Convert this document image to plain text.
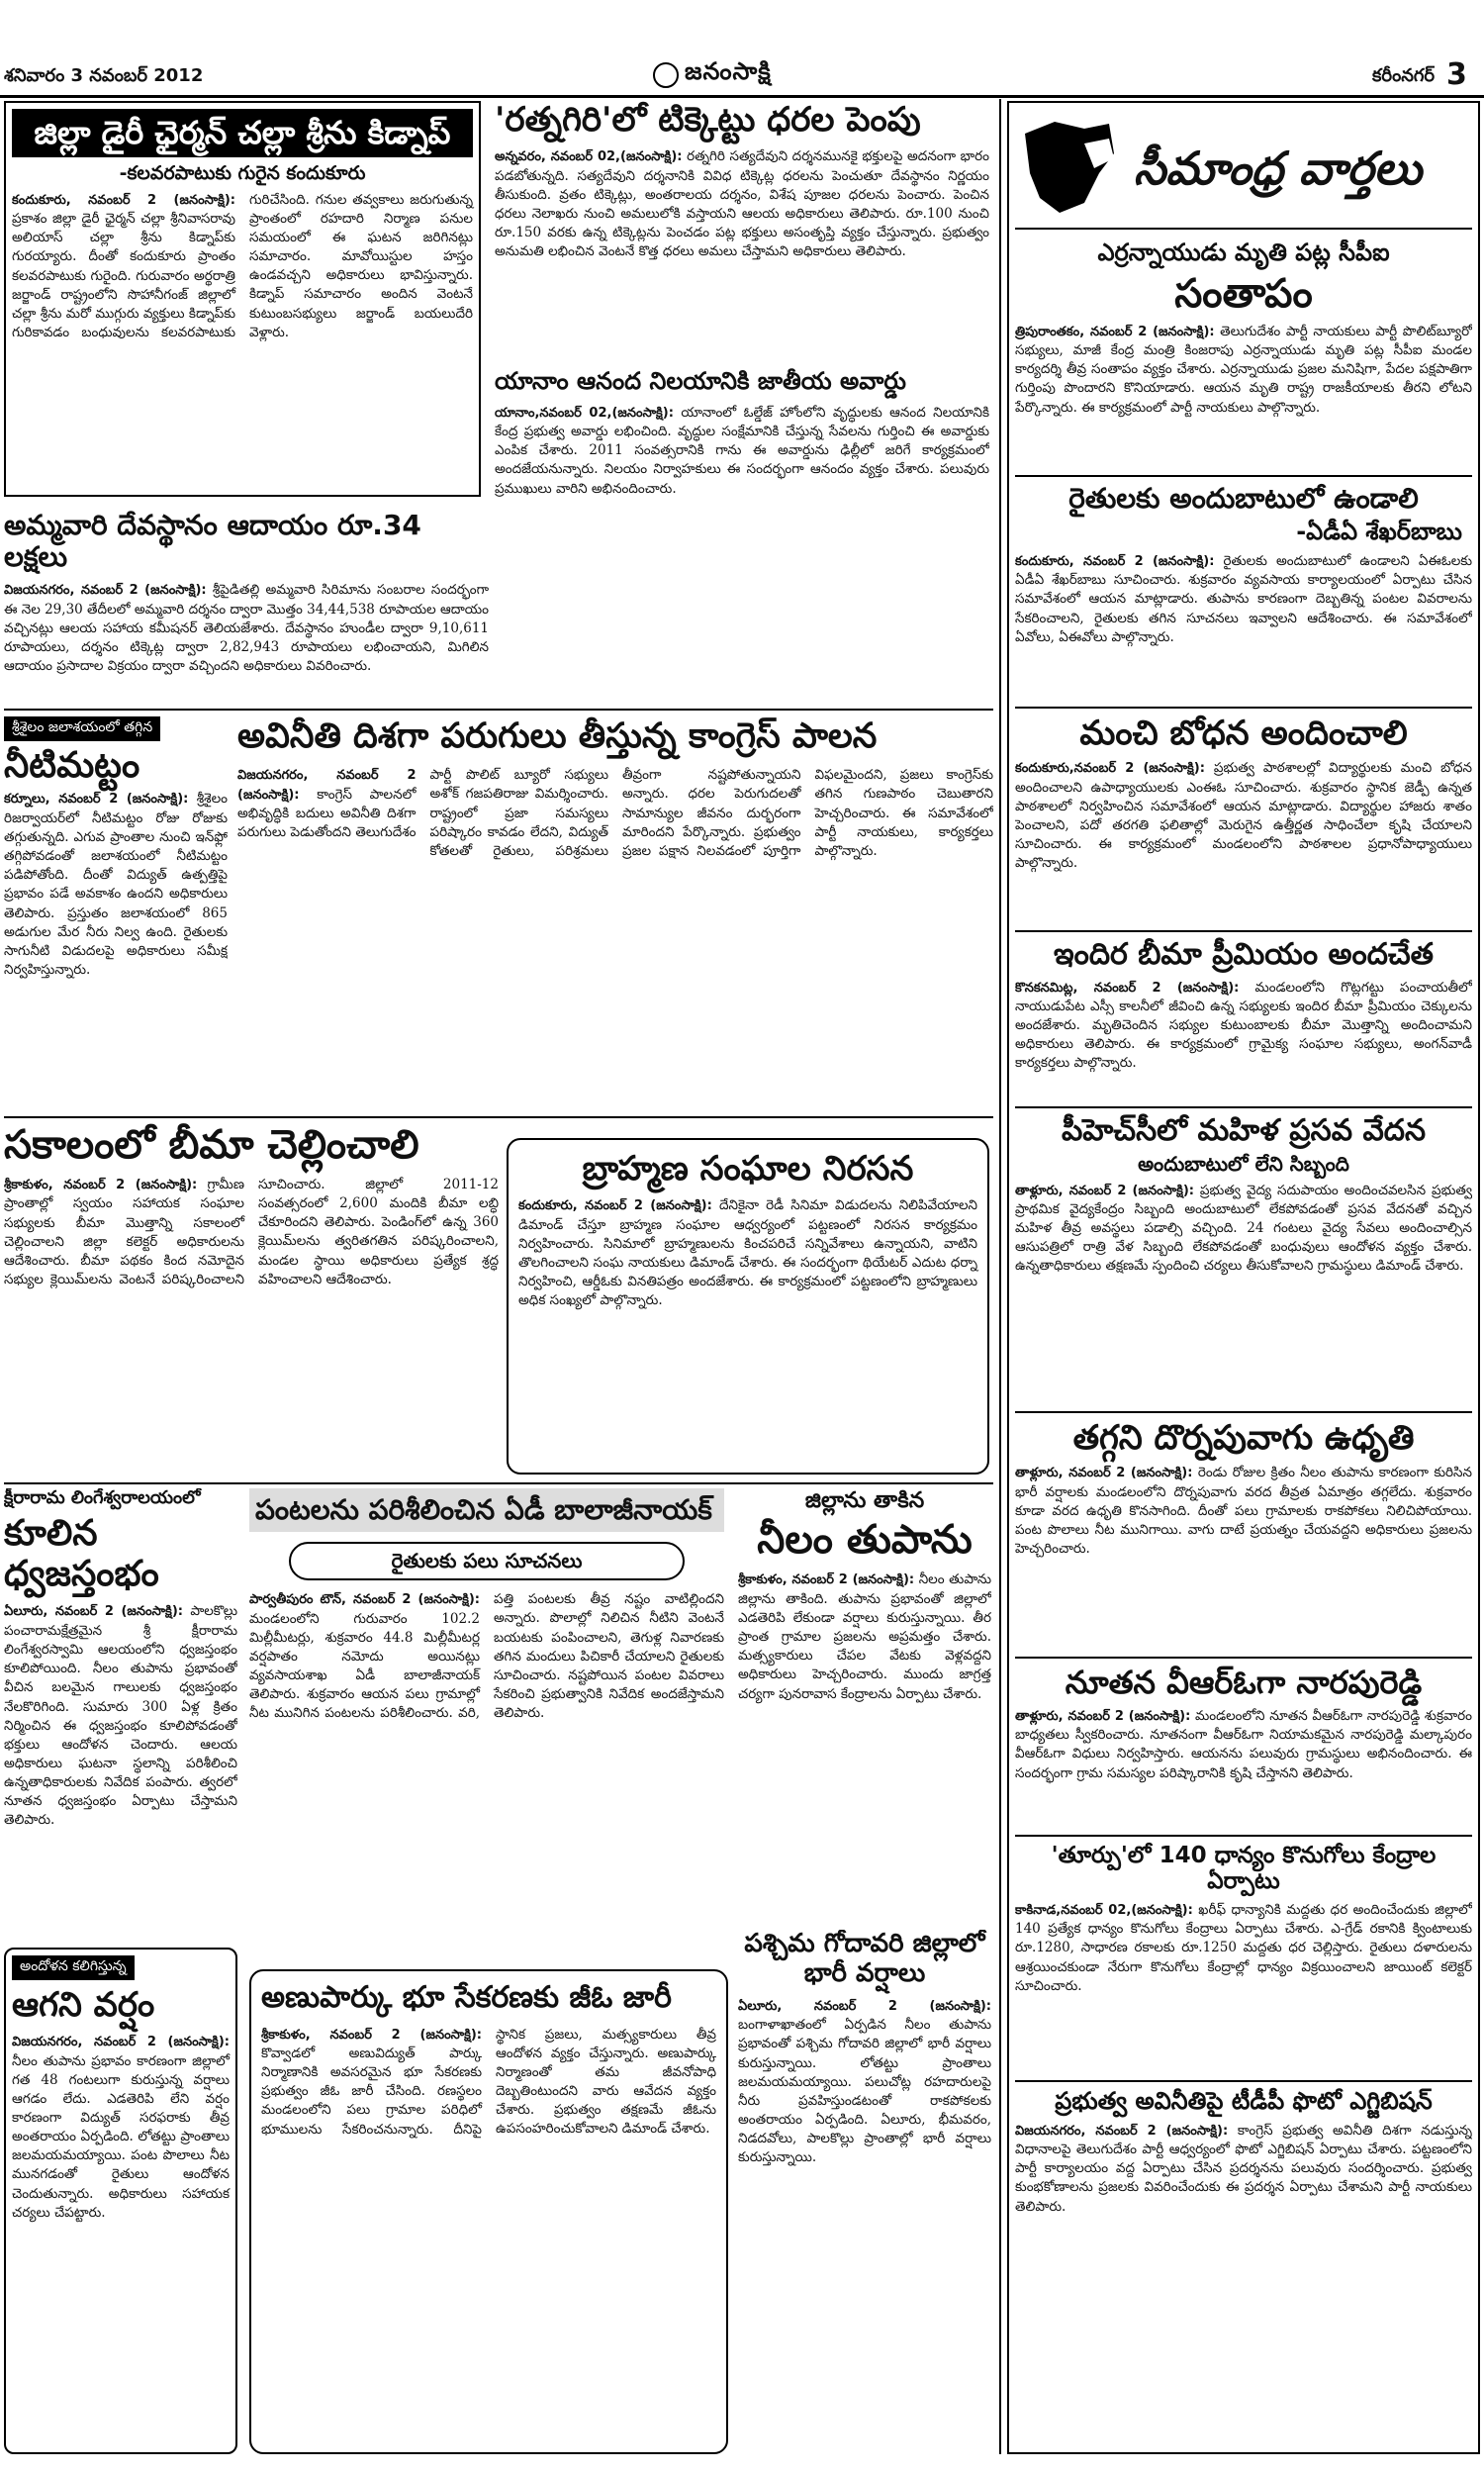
శనివారం 3 నవంబర్ 2012	జనంసాక్షి	కరీంనగర్ 3
జిల్లా డైరీ ఛైర్మన్ చల్లా శ్రీను కిడ్నాప్
-కలవరపాటుకు గురైన కందుకూరు
కందుకూరు, నవంబర్ 2 (జనంసాక్షి): ప్రకాశం జిల్లా డైరీ ఛైర్మన్ చల్లా శ్రీనివాసరావు అలియాస్ చల్లా శ్రీను కిడ్నాప్‌కు గురయ్యారు. దీంతో కందుకూరు ప్రాంతం కలవరపాటుకు గురైంది. గురువారం అర్థరాత్రి జర్జాండ్ రాష్ట్రంలోని సొహానీగంజ్ జిల్లాలో చల్లా శ్రీను మరో ముగ్గురు వ్యక్తులు కిడ్నాప్‌కు గురికావడం బంధువులను కలవరపాటుకు గురిచేసింది. గనుల తవ్వకాలు జరుగుతున్న ప్రాంతంలో రహదారి నిర్మాణ పనుల సమయంలో ఈ ఘటన జరిగినట్లు సమాచారం. మావోయిస్టుల హస్తం ఉండవచ్చని అధికారులు భావిస్తున్నారు. కిడ్నాప్‌ సమాచారం అందిన వెంటనే కుటుంబసభ్యులు జర్జాండ్ బయలుదేరి వెళ్లారు.
'రత్నగిరి'లో టిక్కెట్టు ధరల పెంపు
అన్నవరం, నవంబర్ 02,(జనంసాక్షి): రత్నగిరి సత్యదేవుని దర్శనమునకై భక్తులపై అదనంగా భారం పడబోతున్నది. సత్యదేవుని దర్శనానికి వివిధ టిక్కెట్ల ధరలను పెంచుతూ దేవస్థానం నిర్ణయం తీసుకుంది. వ్రతం టిక్కెట్లు, అంతరాలయ దర్శనం, విశేష పూజల ధరలను పెంచారు. పెంచిన ధరలు నెలాఖరు నుంచి అమలులోకి వస్తాయని ఆలయ అధికారులు తెలిపారు. రూ.100 నుంచి రూ.150 వరకు ఉన్న టిక్కెట్లను పెంచడం పట్ల భక్తులు అసంతృప్తి వ్యక్తం చేస్తున్నారు. ప్రభుత్వం అనుమతి లభించిన వెంటనే కొత్త ధరలు అమలు చేస్తామని అధికారులు తెలిపారు.
యానాం ఆనంద నిలయానికి జాతీయ అవార్డు
యానాం,నవంబర్ 02,(జనంసాక్షి): యానాంలో ఓల్డేజ్ హోంలోని వృద్ధులకు ఆనంద నిలయానికి కేంద్ర ప్రభుత్వ అవార్డు లభించింది. వృద్ధుల సంక్షేమానికి చేస్తున్న సేవలను గుర్తించి ఈ అవార్డుకు ఎంపిక చేశారు. 2011 సంవత్సరానికి గాను ఈ అవార్డును ఢిల్లీలో జరిగే కార్యక్రమంలో అందజేయనున్నారు. నిలయం నిర్వాహకులు ఈ సందర్భంగా ఆనందం వ్యక్తం చేశారు. పలువురు ప్రముఖులు వారిని అభినందించారు.
అమ్మవారి దేవస్థానం ఆదాయం రూ.34 లక్షలు
విజయనగరం, నవంబర్ 2 (జనంసాక్షి): శ్రీపైడితల్లి అమ్మవారి సిరిమాను సంబరాల సందర్భంగా ఈ నెల 29,30 తేదీలలో అమ్మవారి దర్శనం ద్వారా మొత్తం 34,44,538 రూపాయల ఆదాయం వచ్చినట్లు ఆలయ సహాయ కమీషనర్ తెలియజేశారు. దేవస్థానం హుండీల ద్వారా 9,10,611 రూపాయలు, దర్శనం టిక్కెట్ల ద్వారా 2,82,943 రూపాయలు లభించాయని, మిగిలిన ఆదాయం ప్రసాదాల విక్రయం ద్వారా వచ్చిందని అధికారులు వివరించారు.
శ్రీశైలం జలాశయంలో తగ్గిన
నీటిమట్టం
కర్నూలు, నవంబర్ 2 (జనంసాక్షి): శ్రీశైలం రిజర్వాయర్‌లో నీటిమట్టం రోజు రోజుకు తగ్గుతున్నది. ఎగువ ప్రాంతాల నుంచి ఇన్‌ఫ్లో తగ్గిపోవడంతో జలాశయంలో నీటిమట్టం పడిపోతోంది. దీంతో విద్యుత్ ఉత్పత్తిపై ప్రభావం పడే అవకాశం ఉందని అధికారులు తెలిపారు. ప్రస్తుతం జలాశయంలో 865 అడుగుల మేర నీరు నిల్వ ఉంది. రైతులకు సాగునీటి విడుదలపై అధికారులు సమీక్ష నిర్వహిస్తున్నారు.
అవినీతి దిశగా పరుగులు తీస్తున్న కాంగ్రెస్ పాలన
విజయనగరం, నవంబర్ 2 (జనంసాక్షి): కాంగ్రెస్ పాలనలో అభివృద్ధికి బదులు అవినీతి దిశగా పరుగులు పెడుతోందని తెలుగుదేశం పార్టీ పొలిట్ బ్యూరో సభ్యులు అశోక్ గజపతిరాజు విమర్శించారు. రాష్ట్రంలో ప్రజా సమస్యలు పరిష్కారం కావడం లేదని, విద్యుత్ కోతలతో రైతులు, పరిశ్రమలు తీవ్రంగా నష్టపోతున్నాయని అన్నారు. ధరల పెరుగుదలతో సామాన్యుల జీవనం దుర్భరంగా మారిందని పేర్కొన్నారు. ప్రభుత్వం ప్రజల పక్షాన నిలవడంలో పూర్తిగా విఫలమైందని, ప్రజలు కాంగ్రెస్‌కు తగిన గుణపాఠం చెబుతారని హెచ్చరించారు. ఈ సమావేశంలో పార్టీ నాయకులు, కార్యకర్తలు పాల్గొన్నారు.
సకాలంలో బీమా చెల్లించాలి
శ్రీకాకుళం, నవంబర్ 2 (జనంసాక్షి): గ్రామీణ ప్రాంతాల్లో స్వయం సహాయక సంఘాల సభ్యులకు బీమా మొత్తాన్ని సకాలంలో చెల్లించాలని జిల్లా కలెక్టర్ అధికారులను ఆదేశించారు. బీమా పథకం కింద నమోదైన సభ్యుల క్లెయిమ్‌లను వెంటనే పరిష్కరించాలని సూచించారు. జిల్లాలో 2011-12 సంవత్సరంలో 2,600 మందికి బీమా లబ్ధి చేకూరిందని తెలిపారు. పెండింగ్‌లో ఉన్న 360 క్లెయిమ్‌లను త్వరితగతిన పరిష్కరించాలని, మండల స్థాయి అధికారులు ప్రత్యేక శ్రద్ధ వహించాలని ఆదేశించారు.
బ్రాహ్మణ సంఘాల నిరసన
కందుకూరు, నవంబర్ 2 (జనంసాక్షి): దేనికైనా రెడీ సినిమా విడుదలను నిలిపివేయాలని డిమాండ్ చేస్తూ బ్రాహ్మణ సంఘాల ఆధ్వర్యంలో పట్టణంలో నిరసన కార్యక్రమం నిర్వహించారు. సినిమాలో బ్రాహ్మణులను కించపరిచే సన్నివేశాలు ఉన్నాయని, వాటిని తొలగించాలని సంఘ నాయకులు డిమాండ్ చేశారు. ఈ సందర్భంగా థియేటర్ ఎదుట ధర్నా నిర్వహించి, ఆర్డీఓకు వినతిపత్రం అందజేశారు. ఈ కార్యక్రమంలో పట్టణంలోని బ్రాహ్మణులు అధిక సంఖ్యలో పాల్గొన్నారు.
క్షీరారామ లింగేశ్వరాలయంలో
కూలిన ధ్వజస్తంభం
ఏలూరు, నవంబర్ 2 (జనంసాక్షి): పాలకొల్లు పంచారామక్షేత్రమైన శ్రీ క్షీరారామ లింగేశ్వరస్వామి ఆలయంలోని ధ్వజస్తంభం కూలిపోయింది. నీలం తుపాను ప్రభావంతో వీచిన బలమైన గాలులకు ధ్వజస్తంభం నేలకొరిగింది. సుమారు 300 ఏళ్ల క్రితం నిర్మించిన ఈ ధ్వజస్తంభం కూలిపోవడంతో భక్తులు ఆందోళన చెందారు. ఆలయ అధికారులు ఘటనా స్థలాన్ని పరిశీలించి ఉన్నతాధికారులకు నివేదిక పంపారు. త్వరలో నూతన ధ్వజస్తంభం ఏర్పాటు చేస్తామని తెలిపారు.
అందోళన కలిగిస్తున్న
ఆగని వర్షం
విజయనగరం, నవంబర్ 2 (జనంసాక్షి): నీలం తుపాను ప్రభావం కారణంగా జిల్లాలో గత 48 గంటలుగా కురుస్తున్న వర్షాలు ఆగడం లేదు. ఎడతెరిపి లేని వర్షం కారణంగా విద్యుత్ సరఫరాకు తీవ్ర అంతరాయం ఏర్పడింది. లోతట్టు ప్రాంతాలు జలమయమయ్యాయి. పంట పొలాలు నీట మునగడంతో రైతులు ఆందోళన చెందుతున్నారు. అధికారులు సహాయక చర్యలు చేపట్టారు.
పంటలను పరిశీలించిన ఏడీ బాలాజీనాయక్
రైతులకు పలు సూచనలు
పార్వతీపురం టౌన్, నవంబర్ 2 (జనంసాక్షి): మండలంలోని గురువారం 102.2 మిల్లీమీటర్లు, శుక్రవారం 44.8 మిల్లీమీటర్ల వర్షపాతం నమోదు అయినట్లు వ్యవసాయశాఖ ఏడీ బాలాజీనాయక్ తెలిపారు. శుక్రవారం ఆయన పలు గ్రామాల్లో నీట మునిగిన పంటలను పరిశీలించారు. వరి, పత్తి పంటలకు తీవ్ర నష్టం వాటిల్లిందని అన్నారు. పొలాల్లో నిలిచిన నీటిని వెంటనే బయటకు పంపించాలని, తెగుళ్ల నివారణకు తగిన మందులు పిచికారీ చేయాలని రైతులకు సూచించారు. నష్టపోయిన పంటల వివరాలు సేకరించి ప్రభుత్వానికి నివేదిక అందజేస్తామని తెలిపారు.
జిల్లాను తాకిన
నీలం తుపాను
శ్రీకాకుళం, నవంబర్ 2 (జనంసాక్షి): నీలం తుపాను జిల్లాను తాకింది. తుపాను ప్రభావంతో జిల్లాలో ఎడతెరిపి లేకుండా వర్షాలు కురుస్తున్నాయి. తీర ప్రాంత గ్రామాల ప్రజలను అప్రమత్తం చేశారు. మత్స్యకారులు చేపల వేటకు వెళ్లవద్దని అధికారులు హెచ్చరించారు. ముందు జాగ్రత్త చర్యగా పునరావాస కేంద్రాలను ఏర్పాటు చేశారు.
పశ్చిమ గోదావరి జిల్లాలో భారీ వర్షాలు
ఏలూరు, నవంబర్ 2 (జనంసాక్షి): బంగాళాఖాతంలో ఏర్పడిన నీలం తుపాను ప్రభావంతో పశ్చిమ గోదావరి జిల్లాలో భారీ వర్షాలు కురుస్తున్నాయి. లోతట్టు ప్రాంతాలు జలమయమయ్యాయి. పలుచోట్ల రహదారులపై నీరు ప్రవహిస్తుండటంతో రాకపోకలకు అంతరాయం ఏర్పడింది. ఏలూరు, భీమవరం, నిడదవోలు, పాలకొల్లు ప్రాంతాల్లో భారీ వర్షాలు కురుస్తున్నాయి.
అణుపార్కు భూ సేకరణకు జీఓ జారీ
శ్రీకాకుళం, నవంబర్ 2 (జనంసాక్షి): కొవ్వాడలో అణువిద్యుత్ పార్కు నిర్మాణానికి అవసరమైన భూ సేకరణకు ప్రభుత్వం జీఓ జారీ చేసింది. రణస్థలం మండలంలోని పలు గ్రామాల పరిధిలో భూములను సేకరించనున్నారు. దీనిపై స్థానిక ప్రజలు, మత్స్యకారులు తీవ్ర ఆందోళన వ్యక్తం చేస్తున్నారు. అణుపార్కు నిర్మాణంతో తమ జీవనోపాధి దెబ్బతింటుందని వారు ఆవేదన వ్యక్తం చేశారు. ప్రభుత్వం తక్షణమే జీఓను ఉపసంహరించుకోవాలని డిమాండ్ చేశారు.
సీమాంధ్ర వార్తలు
ఎర్రన్నాయుడు మృతి పట్ల సీపీఐ
సంతాపం
త్రిపురాంతకం, నవంబర్ 2 (జనంసాక్షి): తెలుగుదేశం పార్టీ నాయకులు పార్టీ పొలిట్‌బ్యూరో సభ్యులు, మాజీ కేంద్ర మంత్రి కింజరాపు ఎర్రన్నాయుడు మృతి పట్ల సీపీఐ మండల కార్యదర్శి తీవ్ర సంతాపం వ్యక్తం చేశారు. ఎర్రన్నాయుడు ప్రజల మనిషిగా, పేదల పక్షపాతిగా గుర్తింపు పొందారని కొనియాడారు. ఆయన మృతి రాష్ట్ర రాజకీయాలకు తీరని లోటని పేర్కొన్నారు. ఈ కార్యక్రమంలో పార్టీ నాయకులు పాల్గొన్నారు.
రైతులకు అందుబాటులో ఉండాలి
-ఏడీఏ శేఖర్‌బాబు
కందుకూరు, నవంబర్ 2 (జనంసాక్షి): రైతులకు అందుబాటులో ఉండాలని ఏఈఓలకు ఏడీఏ శేఖర్‌బాబు సూచించారు. శుక్రవారం వ్యవసాయ కార్యాలయంలో ఏర్పాటు చేసిన సమావేశంలో ఆయన మాట్లాడారు. తుపాను కారణంగా దెబ్బతిన్న పంటల వివరాలను సేకరించాలని, రైతులకు తగిన సూచనలు ఇవ్వాలని ఆదేశించారు. ఈ సమావేశంలో ఏవోలు, ఏఈవోలు పాల్గొన్నారు.
మంచి బోధన అందించాలి
కందుకూరు,నవంబర్ 2 (జనంసాక్షి): ప్రభుత్వ పాఠశాలల్లో విద్యార్థులకు మంచి బోధన అందించాలని ఉపాధ్యాయులకు ఎంఈఓ సూచించారు. శుక్రవారం స్థానిక జెడ్పీ ఉన్నత పాఠశాలలో నిర్వహించిన సమావేశంలో ఆయన మాట్లాడారు. విద్యార్థుల హాజరు శాతం పెంచాలని, పదో తరగతి ఫలితాల్లో మెరుగైన ఉత్తీర్ణత సాధించేలా కృషి చేయాలని సూచించారు. ఈ కార్యక్రమంలో మండలంలోని పాఠశాలల ప్రధానోపాధ్యాయులు పాల్గొన్నారు.
ఇందిర బీమా ప్రీమియం అందచేత
కొనకనమిట్ల, నవంబర్ 2 (జనంసాక్షి): మండలంలోని గొట్లగట్టు పంచాయతీలో నాయుడుపేట ఎస్సీ కాలనీలో జీవించి ఉన్న సభ్యులకు ఇందిర బీమా ప్రీమియం చెక్కులను అందజేశారు. మృతిచెందిన సభ్యుల కుటుంబాలకు బీమా మొత్తాన్ని అందించామని అధికారులు తెలిపారు. ఈ కార్యక్రమంలో గ్రామైక్య సంఘాల సభ్యులు, అంగన్‌వాడీ కార్యకర్తలు పాల్గొన్నారు.
పీహెచ్‌సీలో మహిళ ప్రసవ వేదన
అందుబాటులో లేని సిబ్బంది
తాళ్లూరు, నవంబర్ 2 (జనంసాక్షి): ప్రభుత్వ వైద్య సదుపాయం అందించవలసిన ప్రభుత్వ ప్రాథమిక వైద్యకేంద్రం సిబ్బంది అందుబాటులో లేకపోవడంతో ప్రసవ వేదనతో వచ్చిన మహిళ తీవ్ర అవస్థలు పడాల్సి వచ్చింది. 24 గంటలు వైద్య సేవలు అందించాల్సిన ఆసుపత్రిలో రాత్రి వేళ సిబ్బంది లేకపోవడంతో బంధువులు ఆందోళన వ్యక్తం చేశారు. ఉన్నతాధికారులు తక్షణమే స్పందించి చర్యలు తీసుకోవాలని గ్రామస్థులు డిమాండ్ చేశారు.
తగ్గని దొర్నపువాగు ఉధృతి
తాళ్లూరు, నవంబర్ 2 (జనంసాక్షి): రెండు రోజుల క్రితం నీలం తుపాను కారణంగా కురిసిన భారీ వర్షాలకు మండలంలోని దొర్నపువాగు వరద తీవ్రత ఏమాత్రం తగ్గలేదు. శుక్రవారం కూడా వరద ఉధృతి కొనసాగింది. దీంతో పలు గ్రామాలకు రాకపోకలు నిలిచిపోయాయి. పంట పొలాలు నీట మునిగాయి. వాగు దాటే ప్రయత్నం చేయవద్దని అధికారులు ప్రజలను హెచ్చరించారు.
నూతన వీఆర్‌ఓగా నారపురెడ్డి
తాళ్లూరు, నవంబర్ 2 (జనంసాక్షి): మండలంలోని నూతన వీఆర్‌ఓగా నారపురెడ్డి శుక్రవారం బాధ్యతలు స్వీకరించారు. నూతనంగా వీఆర్‌ఓగా నియామకమైన నారపురెడ్డి మల్కాపురం వీఆర్‌ఓగా విధులు నిర్వహిస్తారు. ఆయనను పలువురు గ్రామస్థులు అభినందించారు. ఈ సందర్భంగా గ్రామ సమస్యల పరిష్కారానికి కృషి చేస్తానని తెలిపారు.
'తూర్పు'లో 140 ధాన్యం కొనుగోలు కేంద్రాల ఏర్పాటు
కాకినాడ,నవంబర్ 02,(జనంసాక్షి): ఖరీఫ్ ధాన్యానికి మద్దతు ధర అందించేందుకు జిల్లాలో 140 ప్రత్యేక ధాన్యం కొనుగోలు కేంద్రాలు ఏర్పాటు చేశారు. ఎ-గ్రేడ్ రకానికి క్వింటాలుకు రూ.1280, సాధారణ రకాలకు రూ.1250 మద్దతు ధర చెల్లిస్తారు. రైతులు దళారులను ఆశ్రయించకుండా నేరుగా కొనుగోలు కేంద్రాల్లో ధాన్యం విక్రయించాలని జాయింట్ కలెక్టర్ సూచించారు.
ప్రభుత్వ అవినీతిపై టీడీపీ ఫొటో ఎగ్జిబిషన్
విజయనగరం, నవంబర్ 2 (జనంసాక్షి): కాంగ్రెస్ ప్రభుత్వ అవినీతి దిశగా నడుస్తున్న విధానాలపై తెలుగుదేశం పార్టీ ఆధ్వర్యంలో ఫొటో ఎగ్జిబిషన్ ఏర్పాటు చేశారు. పట్టణంలోని పార్టీ కార్యాలయం వద్ద ఏర్పాటు చేసిన ప్రదర్శనను పలువురు సందర్శించారు. ప్రభుత్వ కుంభకోణాలను ప్రజలకు వివరించేందుకు ఈ ప్రదర్శన ఏర్పాటు చేశామని పార్టీ నాయకులు తెలిపారు.
